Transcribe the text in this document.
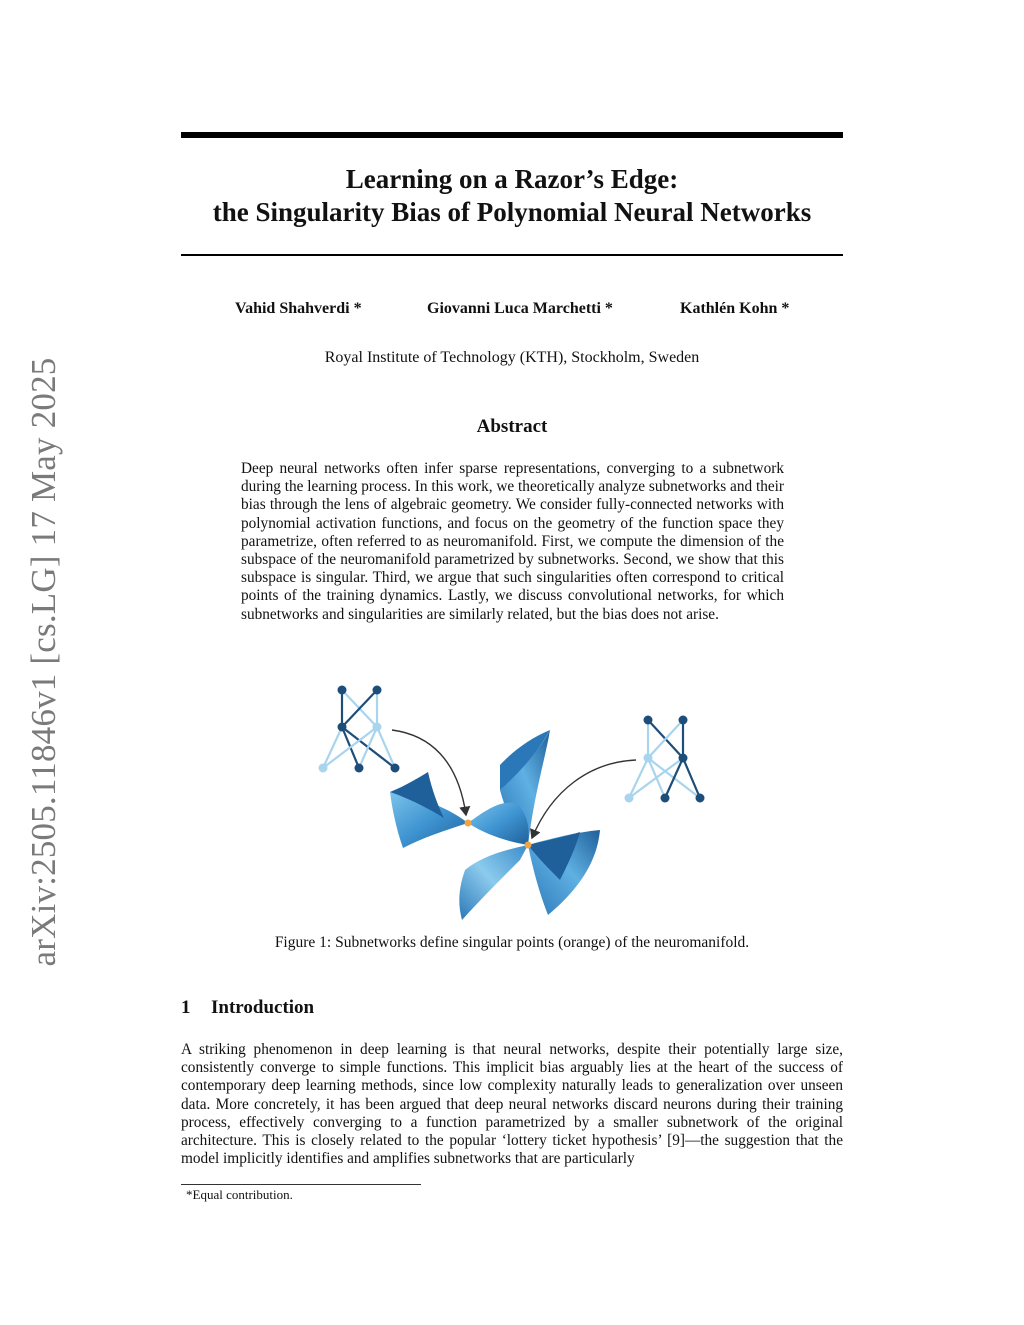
arXiv:2505.11846v1 [cs.LG] 17 May 2025
Learning on a Razor’s Edge:
the Singularity Bias of Polynomial Neural Networks
Vahid Shahverdi *	Giovanni Luca Marchetti *	Kathlén Kohn *
Royal Institute of Technology (KTH), Stockholm, Sweden
Abstract
Deep neural networks often infer sparse representations, converging to a subnetwork during the learning process. In this work, we theoretically analyze subnetworks and their bias through the lens of algebraic geometry. We consider fully-connected networks with polynomial activation functions, and focus on the geometry of the function space they parametrize, often referred to as neuromanifold. First, we compute the dimension of the subspace of the neuromanifold parametrized by subnetworks. Second, we show that this subspace is singular. Third, we argue that such singularities often correspond to critical points of the training dynamics. Lastly, we discuss convolutional networks, for which subnetworks and singularities are similarly related, but the bias does not arise.
Figure 1: Subnetworks define singular points (orange) of the neuromanifold.
1 Introduction
A striking phenomenon in deep learning is that neural networks, despite their potentially large size, consistently converge to simple functions. This implicit bias arguably lies at the heart of the success of contemporary deep learning methods, since low complexity naturally leads to generalization over unseen data. More concretely, it has been argued that deep neural networks discard neurons during their training process, effectively converging to a function parametrized by a smaller subnetwork of the original architecture. This is closely related to the popular ‘lottery ticket hypothesis’ [9]—the suggestion that the model implicitly identifies and amplifies subnetworks that are particularly
*Equal contribution.
